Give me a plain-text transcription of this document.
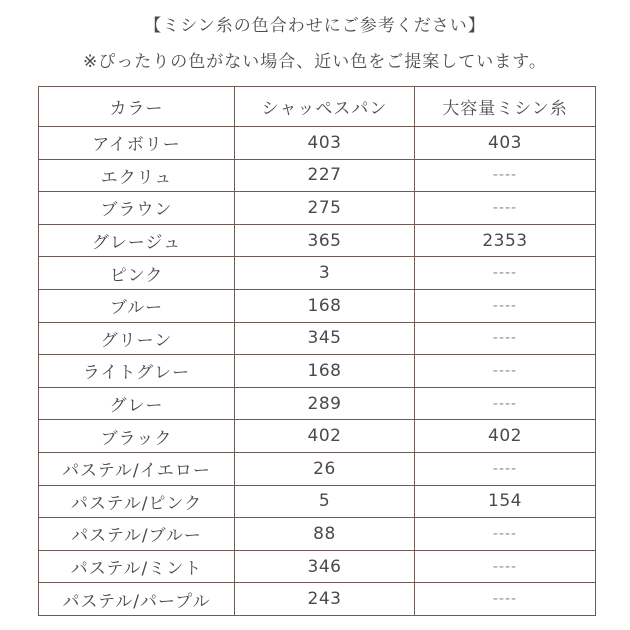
【ミシン糸の色合わせにご参考ください】
※ぴったりの色がない場合、近い色をご提案しています。
カラー	シャッペスパン	大容量ミシン糸
アイボリー	403	403
エクリュ	227	----
ブラウン	275	----
グレージュ	365	2353
ピンク	3	----
ブルー	168	----
グリーン	345	----
ライトグレー	168	----
グレー	289	----
ブラック	402	402
パステル/イエロー	26	----
パステル/ピンク	5	154
パステル/ブルー	88	----
パステル/ミント	346	----
パステル/パープル	243	----
